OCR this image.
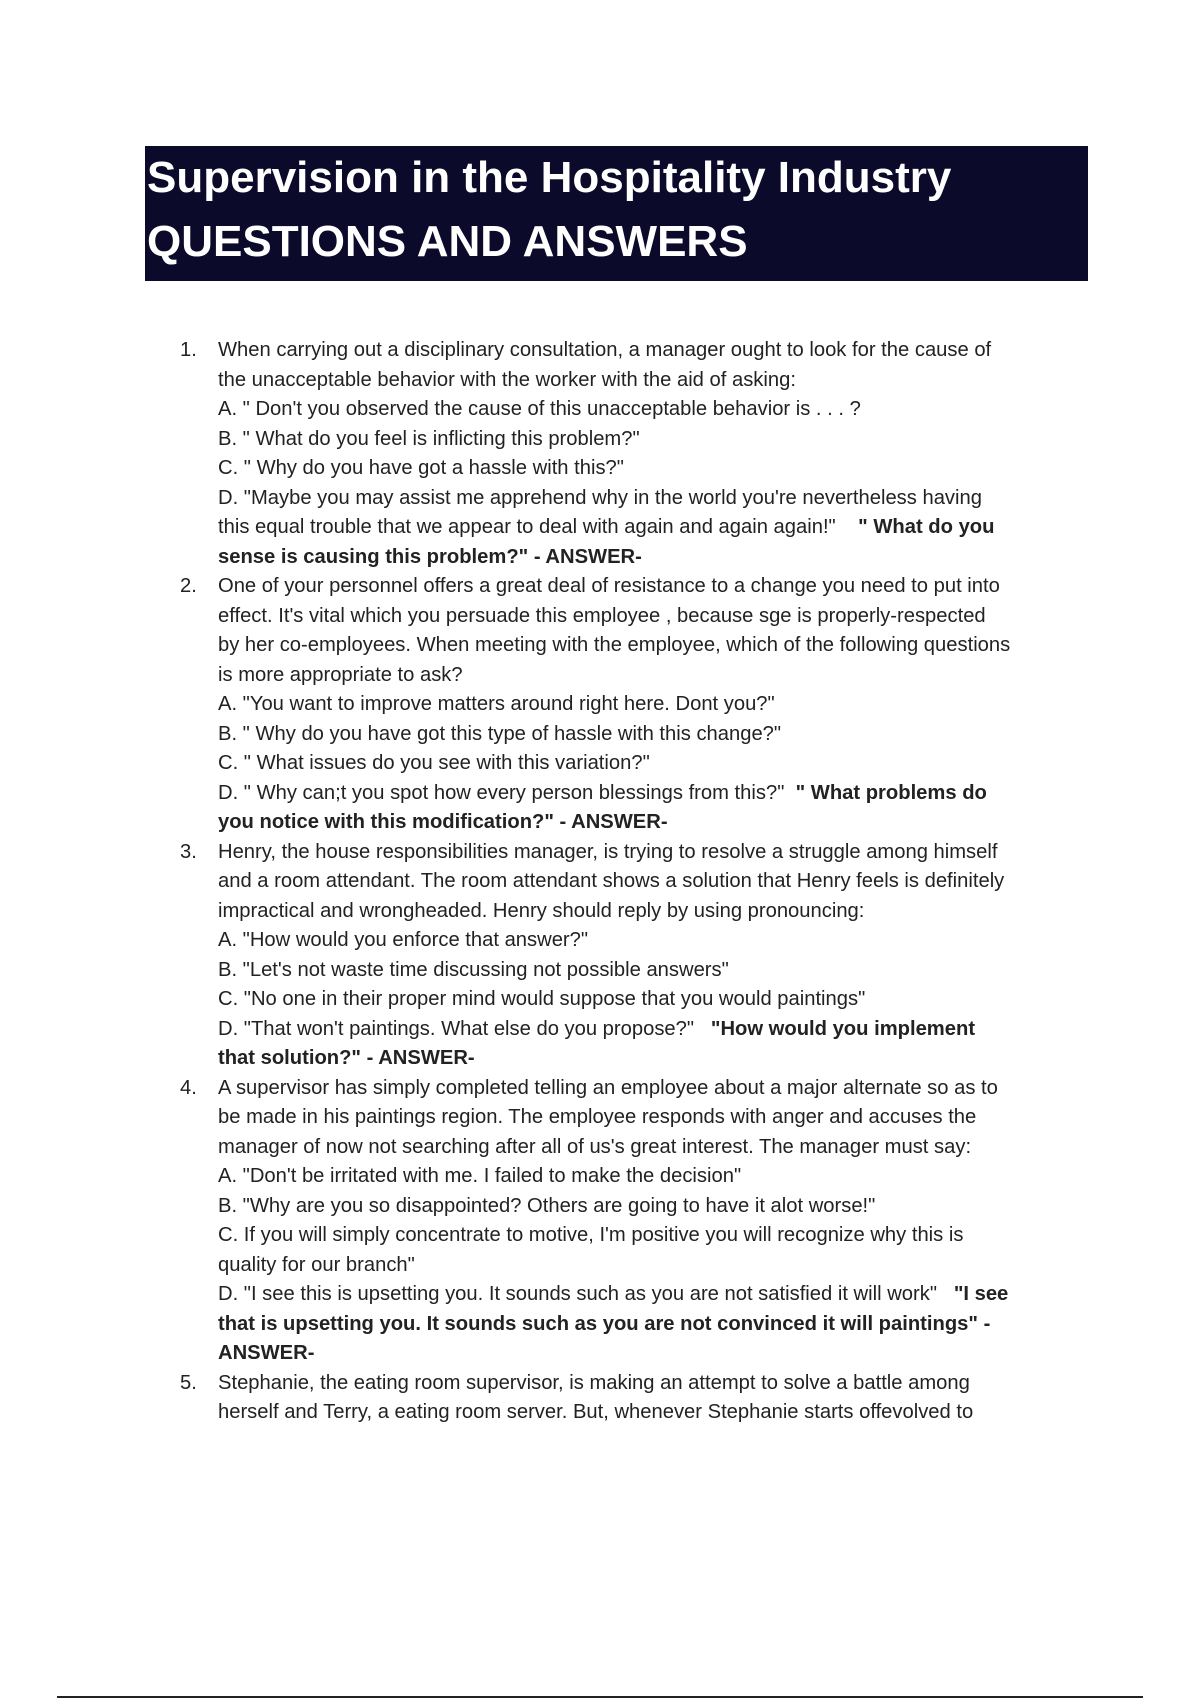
Supervision in the Hospitality Industry
QUESTIONS AND ANSWERS
1. When carrying out a disciplinary consultation, a manager ought to look for the cause of
the unacceptable behavior with the worker with the aid of asking:
A. " Don't you observed the cause of this unacceptable behavior is . . . ?
B. " What do you feel is inflicting this problem?"
C. " Why do you have got a hassle with this?"
D. "Maybe you may assist me apprehend why in the world you're nevertheless having
this equal trouble that we appear to deal with again and again again!" " What do you
sense is causing this problem?" - ANSWER-
2. One of your personnel offers a great deal of resistance to a change you need to put into
effect. It's vital which you persuade this employee , because sge is properly-respected
by her co-employees. When meeting with the employee, which of the following questions
is more appropriate to ask?
A. "You want to improve matters around right here. Dont you?"
B. " Why do you have got this type of hassle with this change?"
C. " What issues do you see with this variation?"
D. " Why can;t you spot how every person blessings from this?" " What problems do
you notice with this modification?" - ANSWER-
3. Henry, the house responsibilities manager, is trying to resolve a struggle among himself
and a room attendant. The room attendant shows a solution that Henry feels is definitely
impractical and wrongheaded. Henry should reply by using pronouncing:
A. "How would you enforce that answer?"
B. "Let's not waste time discussing not possible answers"
C. "No one in their proper mind would suppose that you would paintings"
D. "That won't paintings. What else do you propose?" "How would you implement
that solution?" - ANSWER-
4. A supervisor has simply completed telling an employee about a major alternate so as to
be made in his paintings region. The employee responds with anger and accuses the
manager of now not searching after all of us's great interest. The manager must say:
A. "Don't be irritated with me. I failed to make the decision"
B. "Why are you so disappointed? Others are going to have it alot worse!"
C. If you will simply concentrate to motive, I'm positive you will recognize why this is
quality for our branch"
D. "I see this is upsetting you. It sounds such as you are not satisfied it will work" "I see
that is upsetting you. It sounds such as you are not convinced it will paintings" -
ANSWER-
5. Stephanie, the eating room supervisor, is making an attempt to solve a battle among
herself and Terry, a eating room server. But, whenever Stephanie starts offevolved to
